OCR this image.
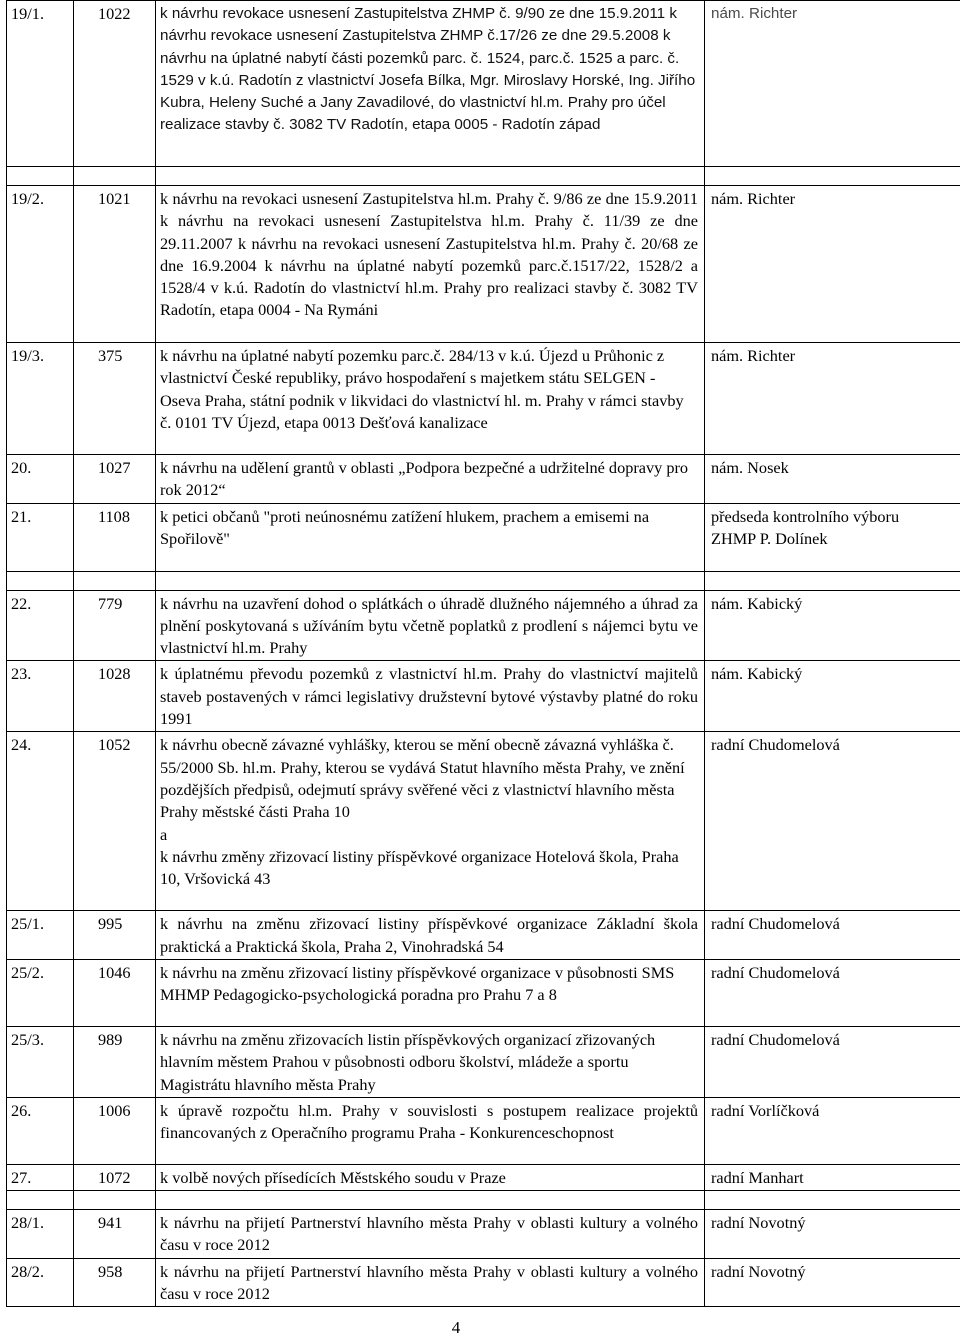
19/1.	1022	k návrhu revokace usnesení Zastupitelstva ZHMP č. 9/90 ze dne 15.9.2011 k návrhu revokace usnesení Zastupitelstva ZHMP č.17/26 ze dne 29.5.2008 k návrhu na úplatné nabytí části pozemků parc. č. 1524, parc.č. 1525 a parc. č. 1529 v k.ú. Radotín z vlastnictví Josefa Bílka, Mgr. Miroslavy Horské, Ing. Jiřího Kubra, Heleny Suché a Jany Zavadilové, do vlastnictví hl.m. Prahy pro účel realizace stavby č. 3082 TV Radotín, etapa 0005 - Radotín západ	nám. Richter

19/2.	1021	k návrhu na revokaci usnesení Zastupitelstva hl.m. Prahy č. 9/86 ze dne 15.9.2011 k návrhu na revokaci usnesení Zastupitelstva hl.m. Prahy č. 11/39 ze dne 29.11.2007 k návrhu na revokaci usnesení Zastupitelstva hl.m. Prahy č. 20/68 ze dne 16.9.2004 k návrhu na úplatné nabytí pozemků parc.č.1517/22, 1528/2 a 1528/4 v k.ú. Radotín do vlastnictví hl.m. Prahy pro realizaci stavby č. 3082 TV Radotín, etapa 0004 - Na Rymáni	nám. Richter
19/3.	375	k návrhu na úplatné nabytí pozemku parc.č. 284/13 v k.ú. Újezd u Průhonic z vlastnictví České republiky, právo hospodaření s majetkem státu SELGEN - Oseva Praha, státní podnik v likvidaci do vlastnictví hl. m. Prahy v rámci stavby č. 0101 TV Újezd, etapa 0013 Dešťová kanalizace	nám. Richter
20.	1027	k návrhu na udělení grantů v oblasti „Podpora bezpečné a udržitelné dopravy pro rok 2012“	nám. Nosek
21.	1108	k petici občanů "proti neúnosnému zatížení hlukem, prachem a emisemi na Spořilově"	předseda kontrolního výboru ZHMP P. Dolínek

22.	779	k návrhu na uzavření dohod o splátkách o úhradě dlužného nájemného a úhrad za plnění poskytovaná s užíváním bytu včetně poplatků z prodlení s nájemci bytu ve vlastnictví hl.m. Prahy	nám. Kabický
23.	1028	k úplatnému převodu pozemků z vlastnictví hl.m. Prahy do vlastnictví majitelů staveb postavených v rámci legislativy družstevní bytové výstavby platné do roku 1991	nám. Kabický
24.	1052	k návrhu obecně závazné vyhlášky, kterou se mění obecně závazná vyhláška č. 55/2000 Sb. hl.m. Prahy, kterou se vydává Statut hlavního města Prahy, ve znění pozdějších předpisů, odejmutí správy svěřené věci z vlastnictví hlavního města Prahy městské části Praha 10
a
k návrhu změny zřizovací listiny příspěvkové organizace Hotelová škola, Praha 10, Vršovická 43	radní Chudomelová
25/1.	995	k návrhu na změnu zřizovací listiny příspěvkové organizace Základní škola praktická a Praktická škola, Praha 2, Vinohradská 54	radní Chudomelová
25/2.	1046	k návrhu na změnu zřizovací listiny příspěvkové organizace v působnosti SMS MHMP Pedagogicko-psychologická poradna pro Prahu 7 a 8	radní Chudomelová
25/3.	989	k návrhu na změnu zřizovacích listin příspěvkových organizací zřizovaných hlavním městem Prahou v působnosti odboru školství, mládeže a sportu Magistrátu hlavního města Prahy	radní Chudomelová
26.	1006	k úpravě rozpočtu hl.m. Prahy v souvislosti s postupem realizace projektů financovaných z Operačního programu Praha - Konkurenceschopnost	radní Vorlíčková
27.	1072	k volbě nových přísedících Městského soudu v Praze	radní Manhart

28/1.	941	k návrhu na přijetí Partnerství hlavního města Prahy v oblasti kultury a volného času v roce 2012	radní Novotný
28/2.	958	k návrhu na přijetí Partnerství hlavního města Prahy v oblasti kultury a volného času v roce 2012	radní Novotný
4
